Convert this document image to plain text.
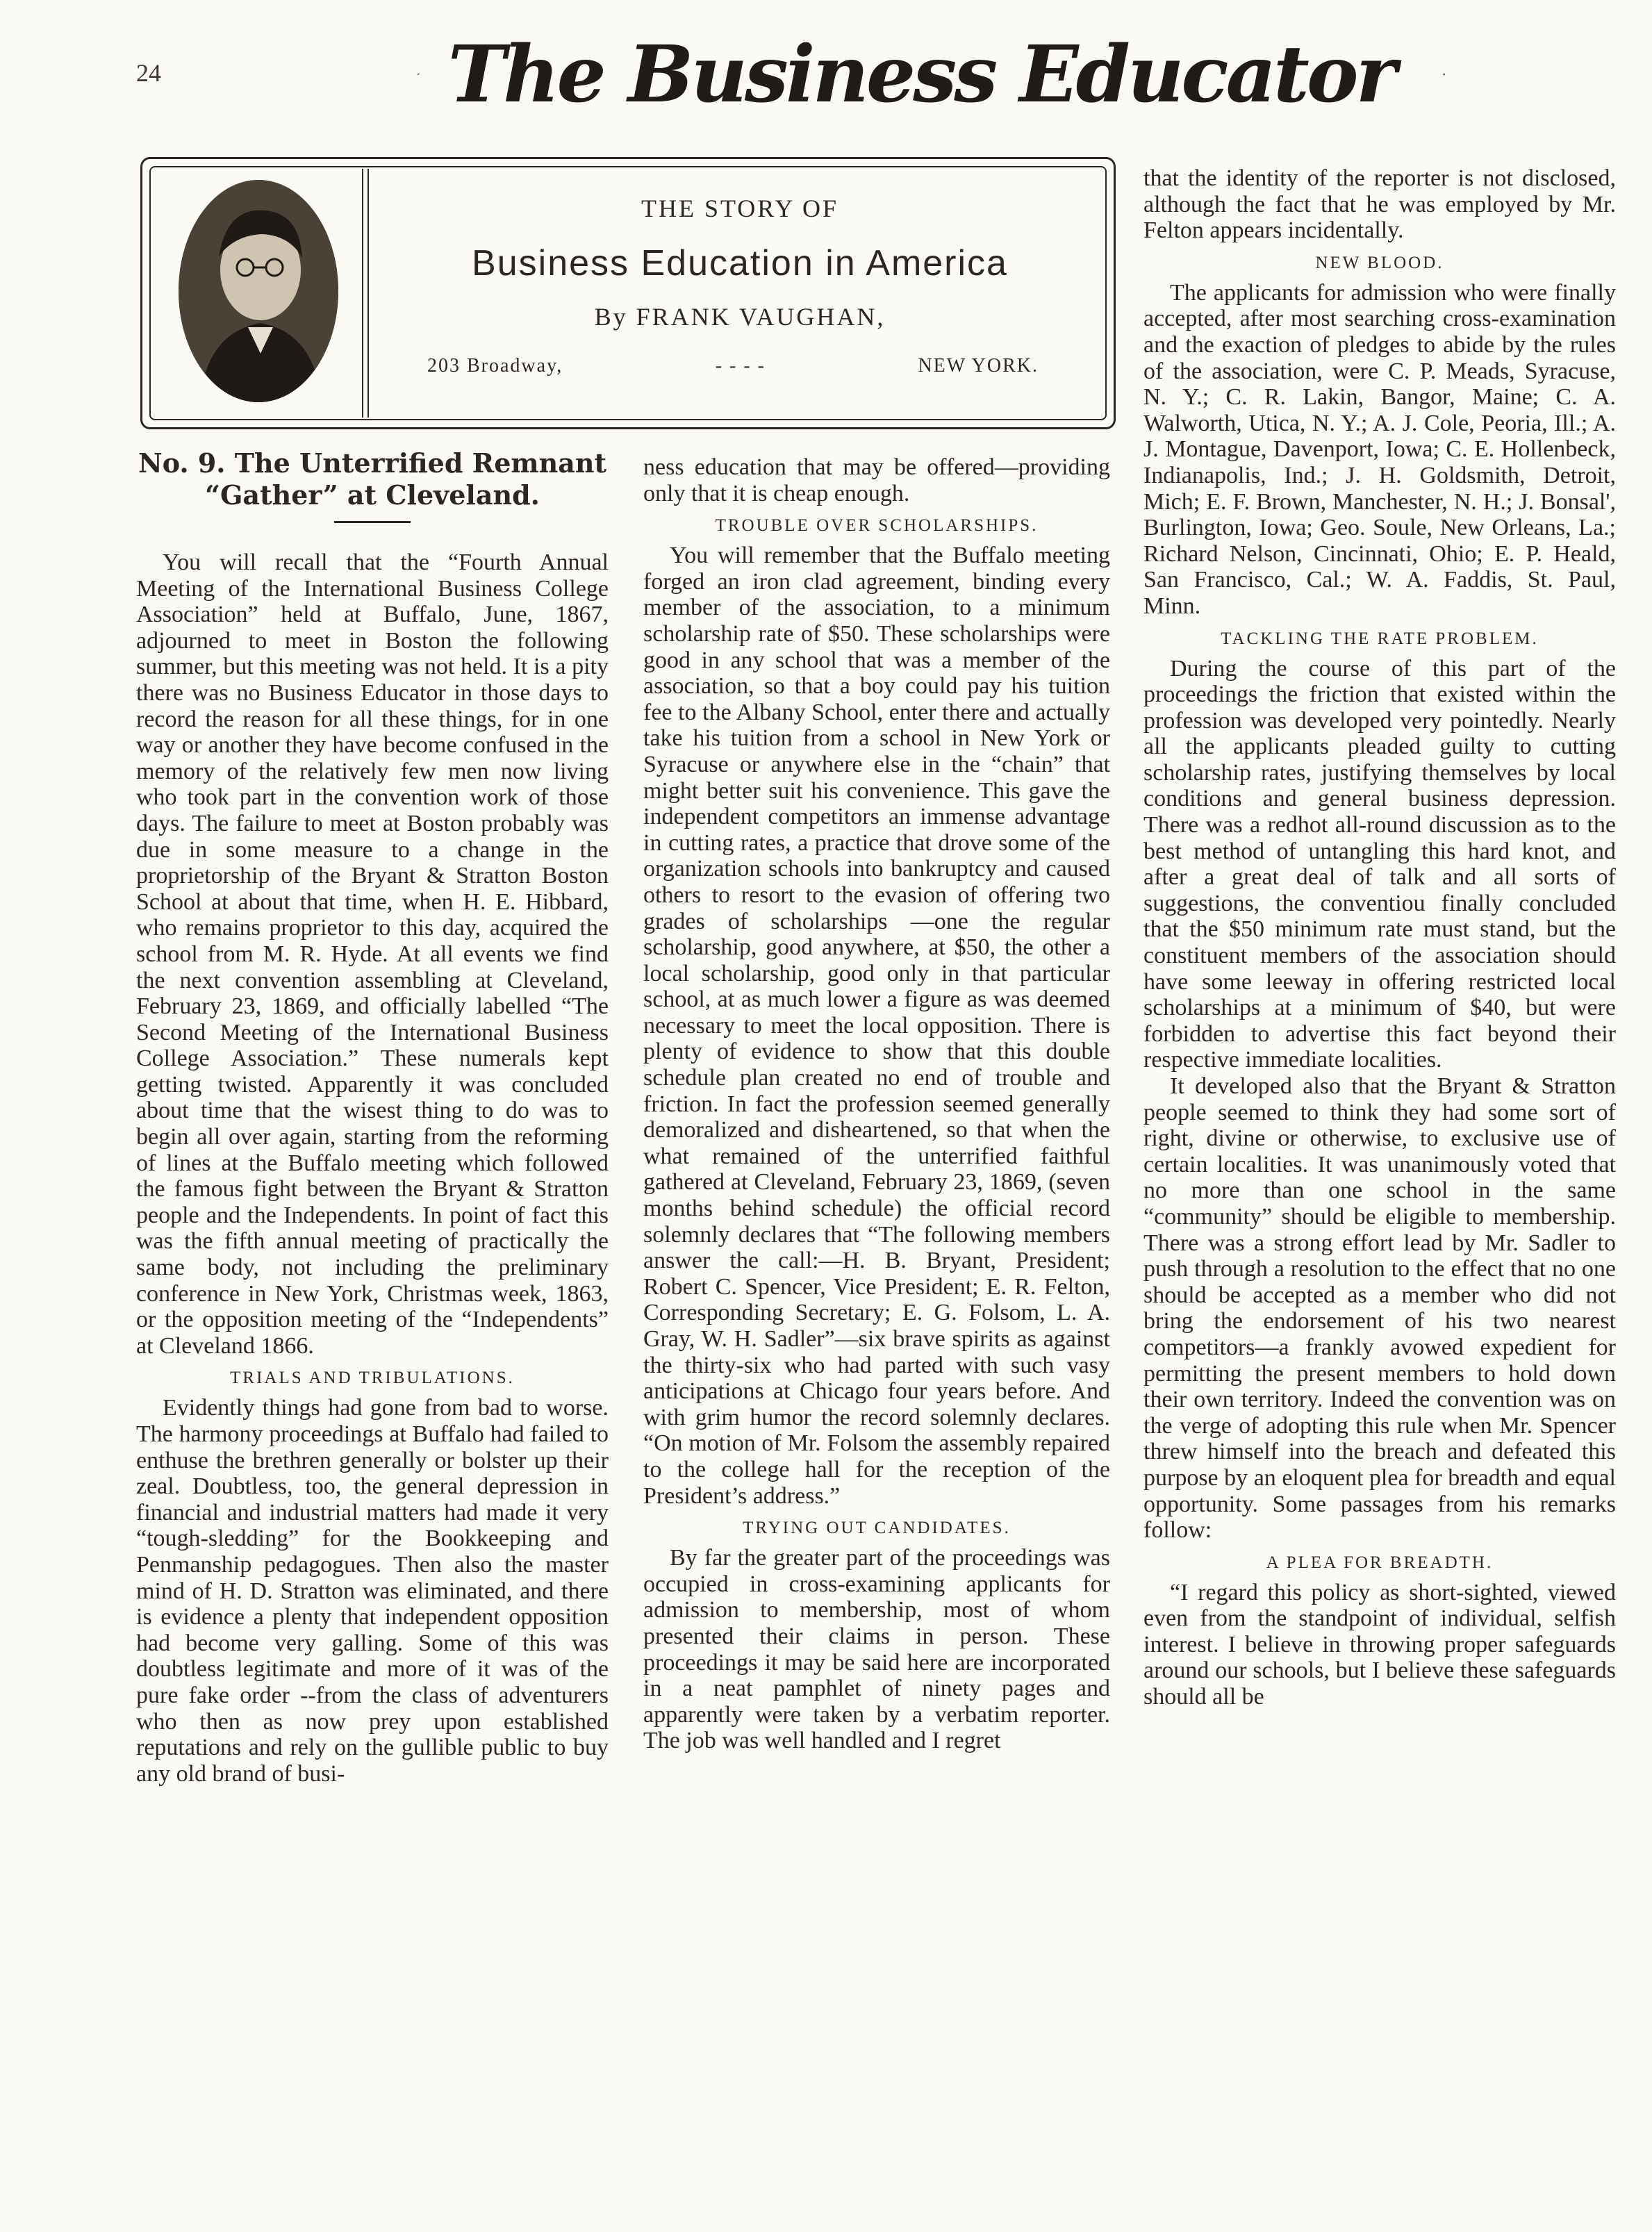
24	The Business Educator
THE STORY OF
Business Education in America
By FRANK VAUGHAN,
203 Broadway,	- - - -	NEW YORK.
No. 9. The Unterrified Remnant
“Gather” at Cleveland.

You will recall that the “Fourth Annual Meeting of the International Business College Association” held at Buffalo, June, 1867, adjourned to meet in Boston the following summer, but this meeting was not held. It is a pity there was no Business Educator in those days to record the reason for all these things, for in one way or another they have become confused in the memory of the relatively few men now living who took part in the convention work of those days. The failure to meet at Boston probably was due in some measure to a change in the proprietorship of the Bryant & Stratton Boston School at about that time, when H. E. Hibbard, who remains proprietor to this day, acquired the school from M. R. Hyde. At all events we find the next convention assembling at Cleveland, February 23, 1869, and officially labelled “The Second Meeting of the International Business College Association.” These numerals kept getting twisted. Apparently it was concluded about time that the wisest thing to do was to begin all over again, starting from the reforming of lines at the Buffalo meeting which followed the famous fight between the Bryant & Stratton people and the Independents. In point of fact this was the fifth annual meeting of practically the same body, not including the preliminary conference in New York, Christmas week, 1863, or the opposition meeting of the “Independents” at Cleveland 1866.

TRIALS AND TRIBULATIONS.

Evidently things had gone from bad to worse. The harmony proceedings at Buffalo had failed to enthuse the brethren generally or bolster up their zeal. Doubtless, too, the general depression in financial and industrial matters had made it very “tough-sledding” for the Bookkeeping and Penmanship pedagogues. Then also the master mind of H. D. Stratton was eliminated, and there is evidence a plenty that independent opposition had become very galling. Some of this was doubtless legitimate and more of it was of the pure fake order --from the class of adventurers who then as now prey upon established reputations and rely on the gullible public to buy any old brand of busi-

ness education that may be offered—providing only that it is cheap enough.

TROUBLE OVER SCHOLARSHIPS.

You will remember that the Buffalo meeting forged an iron clad agreement, binding every member of the association, to a minimum scholarship rate of $50. These scholarships were good in any school that was a member of the association, so that a boy could pay his tuition fee to the Albany School, enter there and actually take his tuition from a school in New York or Syracuse or anywhere else in the “chain” that might better suit his convenience. This gave the independent competitors an immense advantage in cutting rates, a practice that drove some of the organization schools into bankruptcy and caused others to resort to the evasion of offering two grades of scholarships —one the regular scholarship, good anywhere, at $50, the other a local scholarship, good only in that particular school, at as much lower a figure as was deemed necessary to meet the local opposition. There is plenty of evidence to show that this double schedule plan created no end of trouble and friction. In fact the profession seemed generally demoralized and disheartened, so that when the what remained of the unterrified faithful gathered at Cleveland, February 23, 1869, (seven months behind schedule) the official record solemnly declares that “The following members answer the call:—H. B. Bryant, President; Robert C. Spencer, Vice President; E. R. Felton, Corresponding Secretary; E. G. Folsom, L. A. Gray, W. H. Sadler”—six brave spirits as against the thirty-six who had parted with such vasy anticipations at Chicago four years before. And with grim humor the record solemnly declares. “On motion of Mr. Folsom the assembly repaired to the college hall for the reception of the President’s address.”

TRYING OUT CANDIDATES.

By far the greater part of the proceedings was occupied in cross-examining applicants for admission to membership, most of whom presented their claims in person. These proceedings it may be said here are incorporated in a neat pamphlet of ninety pages and apparently were taken by a verbatim reporter. The job was well handled and I regret

that the identity of the reporter is not disclosed, although the fact that he was employed by Mr. Felton appears incidentally.

NEW BLOOD.

The applicants for admission who were finally accepted, after most searching cross-examination and the exaction of pledges to abide by the rules of the association, were C. P. Meads, Syracuse, N. Y.; C. R. Lakin, Bangor, Maine; C. A. Walworth, Utica, N. Y.; A. J. Cole, Peoria, Ill.; A. J. Montague, Davenport, Iowa; C. E. Hollenbeck, Indianapolis, Ind.; J. H. Goldsmith, Detroit, Mich; E. F. Brown, Manchester, N. H.; J. Bonsal', Burlington, Iowa; Geo. Soule, New Orleans, La.; Richard Nelson, Cincinnati, Ohio; E. P. Heald, San Francisco, Cal.; W. A. Faddis, St. Paul, Minn.

TACKLING THE RATE PROBLEM.

During the course of this part of the proceedings the friction that existed within the profession was developed very pointedly. Nearly all the applicants pleaded guilty to cutting scholarship rates, justifying themselves by local conditions and general business depression. There was a redhot all-round discussion as to the best method of untangling this hard knot, and after a great deal of talk and all sorts of suggestions, the conventiou finally concluded that the $50 minimum rate must stand, but the constituent members of the association should have some leeway in offering restricted local scholarships at a minimum of $40, but were forbidden to advertise this fact beyond their respective immediate localities.

It developed also that the Bryant & Stratton people seemed to think they had some sort of right, divine or otherwise, to exclusive use of certain localities. It was unanimously voted that no more than one school in the same “community” should be eligible to membership. There was a strong effort lead by Mr. Sadler to push through a resolution to the effect that no one should be accepted as a member who did not bring the endorsement of his two nearest competitors—a frankly avowed expedient for permitting the present members to hold down their own territory. Indeed the convention was on the verge of adopting this rule when Mr. Spencer threw himself into the breach and defeated this purpose by an eloquent plea for breadth and equal opportunity. Some passages from his remarks follow:

A PLEA FOR BREADTH.

“I regard this policy as short-sighted, viewed even from the standpoint of individual, selfish interest. I believe in throwing proper safeguards around our schools, but I believe these safeguards should all be
